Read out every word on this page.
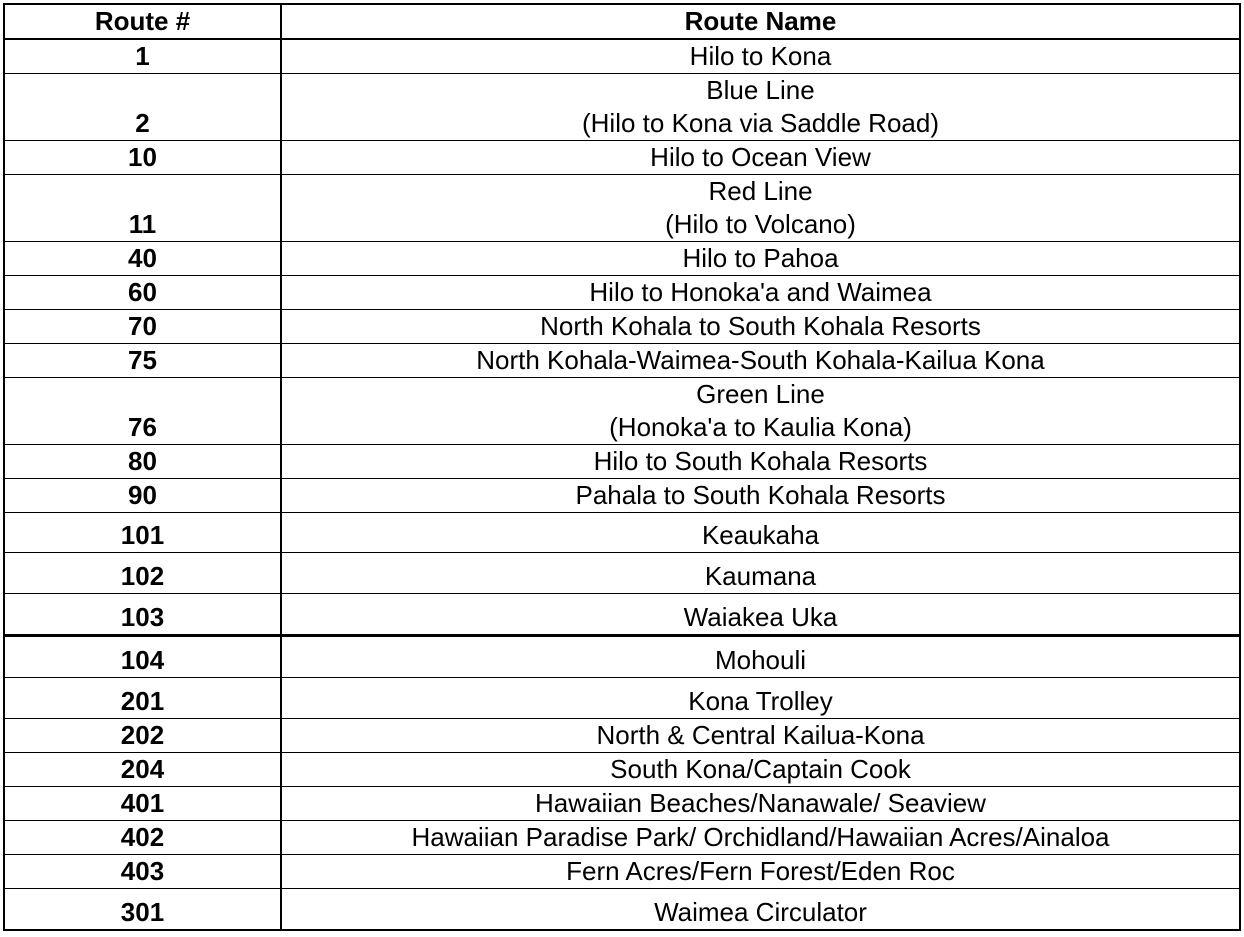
Route #	Route Name
1	Hilo to Kona

2	Blue Line
(Hilo to Kona via Saddle Road)

10	Hilo to Ocean View

11	Red Line
(Hilo to Volcano)

40	Hilo to Pahoa

60	Hilo to Honoka'a and Waimea

70	North Kohala to South Kohala Resorts

75	North Kohala-Waimea-South Kohala-Kailua Kona

76	Green Line
(Honoka'a to Kaulia Kona)

80	Hilo to South Kohala Resorts

90	Pahala to South Kohala Resorts

101	Keaukaha

102	Kaumana

103	Waiakea Uka

104	Mohouli

201	Kona Trolley

202	North & Central Kailua-Kona

204	South Kona/Captain Cook

401	Hawaiian Beaches/Nanawale/ Seaview

402	Hawaiian Paradise Park/ Orchidland/Hawaiian Acres/Ainaloa

403	Fern Acres/Fern Forest/Eden Roc

301	Waimea Circulator
